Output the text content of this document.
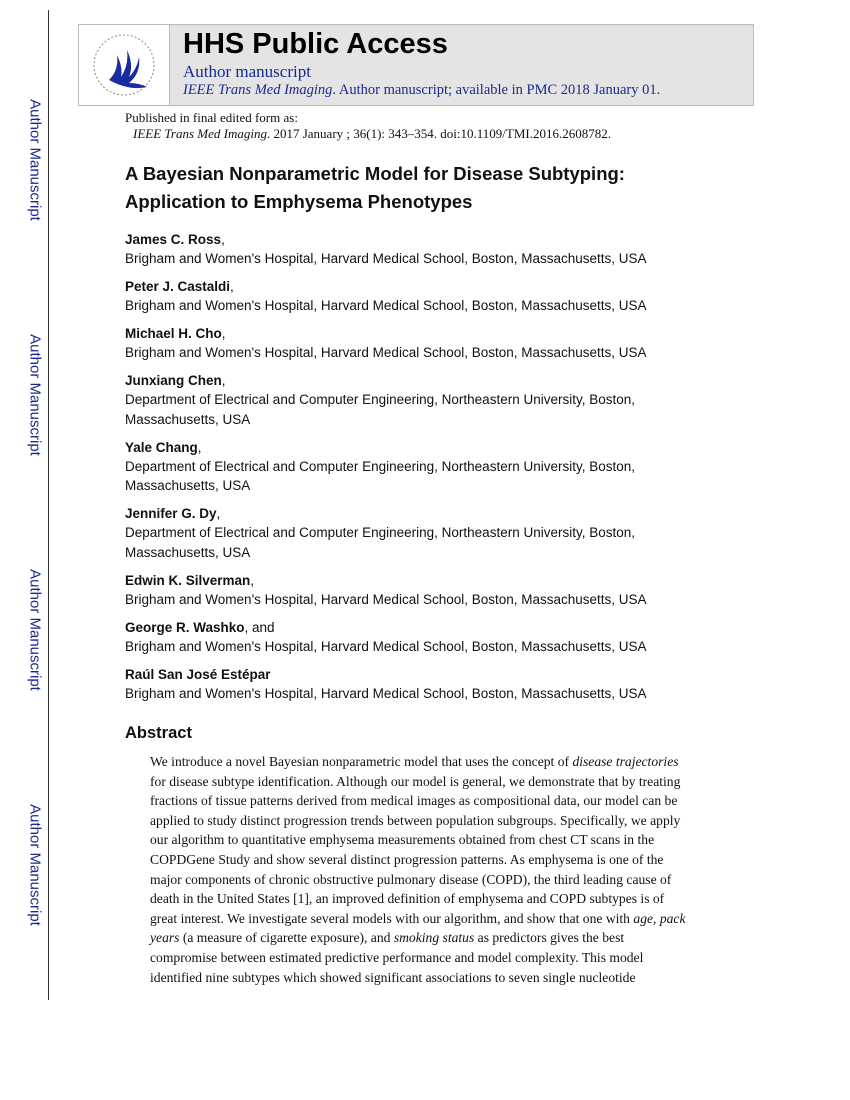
Author Manuscript
Author Manuscript
Author Manuscript
Author Manuscript
HHS Public Access
Author manuscript
IEEE Trans Med Imaging. Author manuscript; available in PMC 2018 January 01.
Published in final edited form as:
IEEE Trans Med Imaging. 2017 January ; 36(1): 343–354. doi:10.1109/TMI.2016.2608782.
A Bayesian Nonparametric Model for Disease Subtyping:
Application to Emphysema Phenotypes
James C. Ross,
Brigham and Women's Hospital, Harvard Medical School, Boston, Massachusetts, USA
Peter J. Castaldi,
Brigham and Women's Hospital, Harvard Medical School, Boston, Massachusetts, USA
Michael H. Cho,
Brigham and Women's Hospital, Harvard Medical School, Boston, Massachusetts, USA
Junxiang Chen,
Department of Electrical and Computer Engineering, Northeastern University, Boston,
Massachusetts, USA
Yale Chang,
Department of Electrical and Computer Engineering, Northeastern University, Boston,
Massachusetts, USA
Jennifer G. Dy,
Department of Electrical and Computer Engineering, Northeastern University, Boston,
Massachusetts, USA
Edwin K. Silverman,
Brigham and Women's Hospital, Harvard Medical School, Boston, Massachusetts, USA
George R. Washko, and
Brigham and Women's Hospital, Harvard Medical School, Boston, Massachusetts, USA
Raúl San José Estépar
Brigham and Women's Hospital, Harvard Medical School, Boston, Massachusetts, USA
Abstract
We introduce a novel Bayesian nonparametric model that uses the concept of disease trajectories
for disease subtype identification. Although our model is general, we demonstrate that by treating
fractions of tissue patterns derived from medical images as compositional data, our model can be
applied to study distinct progression trends between population subgroups. Specifically, we apply
our algorithm to quantitative emphysema measurements obtained from chest CT scans in the
COPDGene Study and show several distinct progression patterns. As emphysema is one of the
major components of chronic obstructive pulmonary disease (COPD), the third leading cause of
death in the United States [1], an improved definition of emphysema and COPD subtypes is of
great interest. We investigate several models with our algorithm, and show that one with age, pack
years (a measure of cigarette exposure), and smoking status as predictors gives the best
compromise between estimated predictive performance and model complexity. This model
identified nine subtypes which showed significant associations to seven single nucleotide
